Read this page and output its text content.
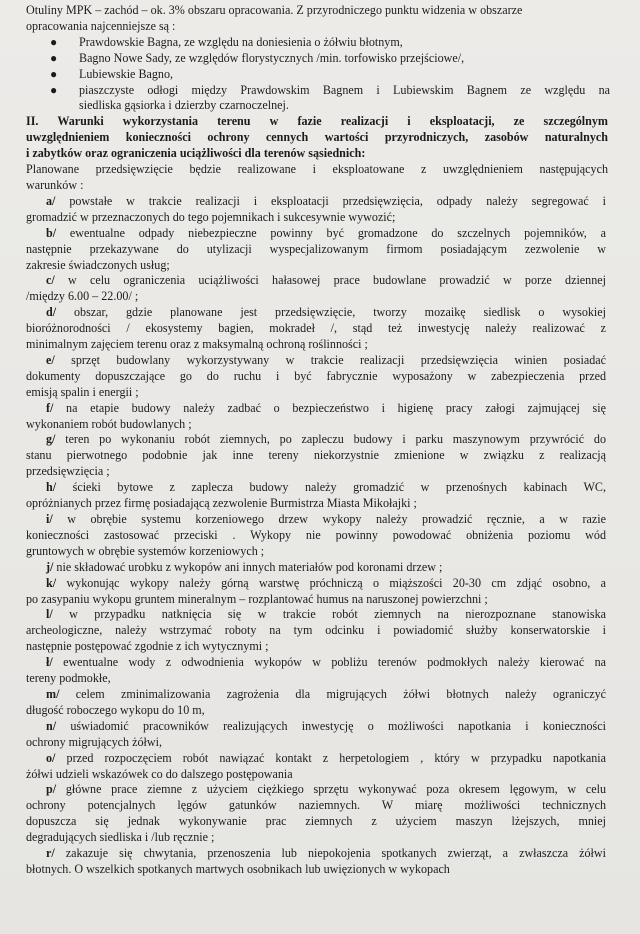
Otuliny MPK – zachód – ok. 3% obszaru opracowania. Z przyrodniczego punktu widzenia w obszarze

opracowania najcenniejsze są :

● Prawdowskie Bagna, ze względu na doniesienia o żółwiu błotnym,
● Bagno Nowe Sady, ze względów florystycznych /min. torfowisko przejściowe/,
● Lubiewskie Bagno,
● piaszczyste odłogi między Prawdowskim Bagnem i Lubiewskim Bagnem ze względu na
siedliska gąsiorka i dzierzby czarnoczelnej.

II. Warunki wykorzystania terenu w fazie realizacji i eksploatacji, ze szczególnym

uwzględnieniem konieczności ochrony cennych wartości przyrodniczych, zasobów naturalnych

i zabytków oraz ograniczenia uciążliwości dla terenów sąsiednich:

Planowane przedsięwzięcie będzie realizowane i eksploatowane z uwzględnieniem następujących

warunków :

a/ powstałe w trakcie realizacji i eksploatacji przedsięwzięcia, odpady należy segregować i

gromadzić w przeznaczonych do tego pojemnikach i sukcesywnie wywozić;

b/ ewentualne odpady niebezpieczne powinny być gromadzone do szczelnych pojemników, a

następnie przekazywane do utylizacji wyspecjalizowanym firmom posiadającym zezwolenie w

zakresie świadczonych usług;

c/ w celu ograniczenia uciążliwości hałasowej prace budowlane prowadzić w porze dziennej

/między 6.00 – 22.00/ ;

d/ obszar, gdzie planowane jest przedsięwzięcie, tworzy mozaikę siedlisk o wysokiej

bioróżnorodności / ekosystemy bagien, mokradeł /, stąd też inwestycję należy realizować z

minimalnym zajęciem terenu oraz z maksymalną ochroną roślinności ;

e/ sprzęt budowlany wykorzystywany w trakcie realizacji przedsięwzięcia winien posiadać

dokumenty dopuszczające go do ruchu i być fabrycznie wyposażony w zabezpieczenia przed

emisją spalin i energii ;

f/ na etapie budowy należy zadbać o bezpieczeństwo i higienę pracy załogi zajmującej się

wykonaniem robót budowlanych ;

g/ teren po wykonaniu robót ziemnych, po zapleczu budowy i parku maszynowym przywrócić do

stanu pierwotnego podobnie jak inne tereny niekorzystnie zmienione w związku z realizacją

przedsięwzięcia ;

h/ ścieki bytowe z zaplecza budowy należy gromadzić w przenośnych kabinach WC,

opróżnianych przez firmę posiadającą zezwolenie Burmistrza Miasta Mikołajki ;

i/ w obrębie systemu korzeniowego drzew wykopy należy prowadzić ręcznie, a w razie

konieczności zastosować przeciski . Wykopy nie powinny powodować obniżenia poziomu wód

gruntowych w obrębie systemów korzeniowych ;

j/ nie składować urobku z wykopów ani innych materiałów pod koronami drzew ;

k/ wykonując wykopy należy górną warstwę próchniczą o miąższości 20-30 cm zdjąć osobno, a

po zasypaniu wykopu gruntem mineralnym – rozplantować humus na naruszonej powierzchni ;

l/ w przypadku natknięcia się w trakcie robót ziemnych na nierozpoznane stanowiska

archeologiczne, należy wstrzymać roboty na tym odcinku i powiadomić służby konserwatorskie i

następnie postępować zgodnie z ich wytycznymi ;

ł/ ewentualne wody z odwodnienia wykopów w pobliżu terenów podmokłych należy kierować na

tereny podmokłe,

m/ celem zminimalizowania zagrożenia dla migrujących żółwi błotnych należy ograniczyć

długość roboczego wykopu do 10 m,

n/ uświadomić pracowników realizujących inwestycję o możliwości napotkania i konieczności

ochrony migrujących żółwi,

o/ przed rozpoczęciem robót nawiązać kontakt z herpetologiem , który w przypadku napotkania

żółwi udzieli wskazówek co do dalszego postępowania

p/ główne prace ziemne z użyciem ciężkiego sprzętu wykonywać poza okresem lęgowym, w celu

ochrony potencjalnych lęgów gatunków naziemnych. W miarę możliwości technicznych

dopuszcza się jednak wykonywanie prac ziemnych z użyciem maszyn lżejszych, mniej

degradujących siedliska i /lub ręcznie ;

r/ zakazuje się chwytania, przenoszenia lub niepokojenia spotkanych zwierząt, a zwłaszcza żółwi

błotnych. O wszelkich spotkanych martwych osobnikach lub uwięzionych w wykopach
